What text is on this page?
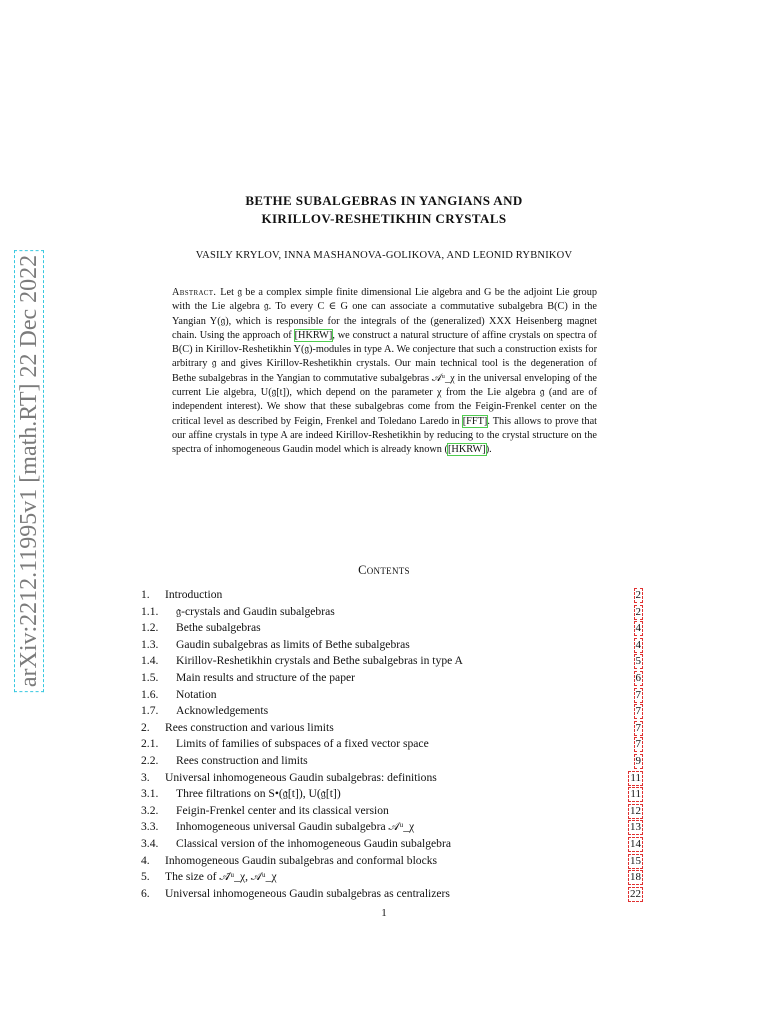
arXiv:2212.11995v1 [math.RT] 22 Dec 2022
BETHE SUBALGEBRAS IN YANGIANS AND
KIRILLOV-RESHETIKHIN CRYSTALS
VASILY KRYLOV, INNA MASHANOVA-GOLIKOVA, AND LEONID RYBNIKOV
Abstract. Let 𝔤 be a complex simple finite dimensional Lie algebra and G be the adjoint Lie group with the Lie algebra 𝔤. To every C ∈ G one can associate a commutative subalgebra B(C) in the Yangian Y(𝔤), which is responsible for the integrals of the (generalized) XXX Heisenberg magnet chain. Using the approach of [HKRW], we construct a natural structure of affine crystals on spectra of B(C) in Kirillov-Reshetikhin Y(𝔤)-modules in type A. We conjecture that such a construction exists for arbitrary 𝔤 and gives Kirillov-Reshetikhin crystals. Our main technical tool is the degeneration of Bethe subalgebras in the Yangian to commutative subalgebras 𝒜ᵘ_χ in the universal enveloping of the current Lie algebra, U(𝔤[t]), which depend on the parameter χ from the Lie algebra 𝔤 (and are of independent interest). We show that these subalgebras come from the Feigin-Frenkel center on the critical level as described by Feigin, Frenkel and Toledano Laredo in [FFT]. This allows to prove that our affine crystals in type A are indeed Kirillov-Reshetikhin by reducing to the crystal structure on the spectra of inhomogeneous Gaudin model which is already known ([HKRW]).
Contents
1. Introduction	2
1.1. 𝔤-crystals and Gaudin subalgebras	2
1.2. Bethe subalgebras	4
1.3. Gaudin subalgebras as limits of Bethe subalgebras	4
1.4. Kirillov-Reshetikhin crystals and Bethe subalgebras in type A	5
1.5. Main results and structure of the paper	6
1.6. Notation	7
1.7. Acknowledgements	7
2. Rees construction and various limits	7
2.1. Limits of families of subspaces of a fixed vector space	7
2.2. Rees construction and limits	9
3. Universal inhomogeneous Gaudin subalgebras: definitions	11
3.1. Three filtrations on S•(𝔤[t]), U(𝔤[t])	11
3.2. Feigin-Frenkel center and its classical version	12
3.3. Inhomogeneous universal Gaudin subalgebra 𝒜ᵘ_χ	13
3.4. Classical version of the inhomogeneous Gaudin subalgebra	14
4. Inhomogeneous Gaudin subalgebras and conformal blocks	15
5. The size of 𝒜̄ᵘ_χ, 𝒜ᵘ_χ	18
6. Universal inhomogeneous Gaudin subalgebras as centralizers	22
1
